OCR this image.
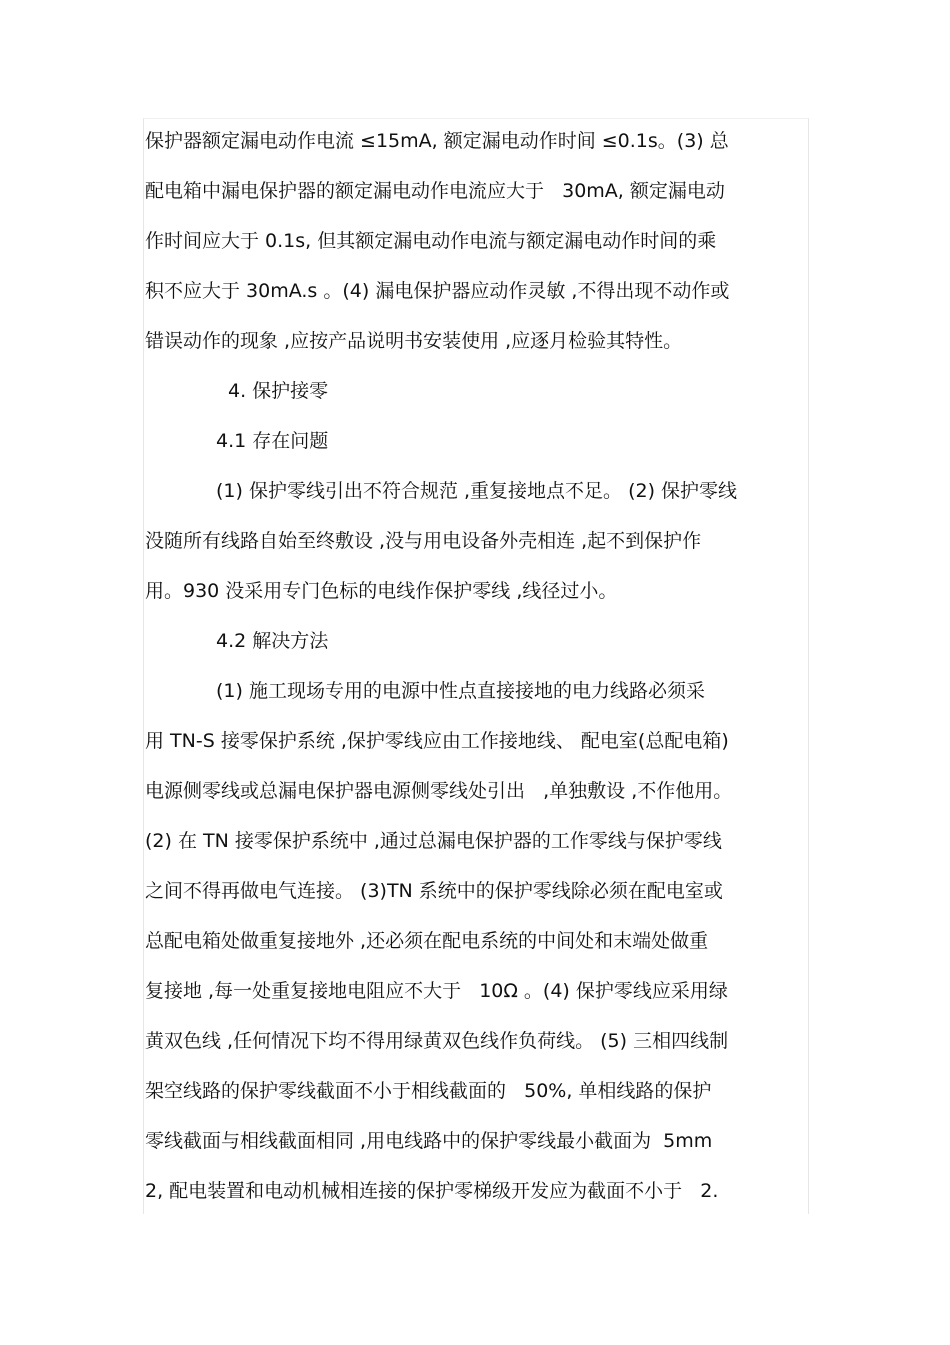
保护器额定漏电动作电流 ≤15mA, 额定漏电动作时间 ≤0.1s。(3) 总
配电箱中漏电保护器的额定漏电动作电流应大于   30mA, 额定漏电动
作时间应大于 0.1s, 但其额定漏电动作电流与额定漏电动作时间的乘
积不应大于 30mA.s 。(4) 漏电保护器应动作灵敏 ,不得出现不动作或
错误动作的现象 ,应按产品说明书安装使用 ,应逐月检验其特性。
4. 保护接零
4.1 存在问题
(1) 保护零线引出不符合规范 ,重复接地点不足。 (2) 保护零线
没随所有线路自始至终敷设 ,没与用电设备外壳相连 ,起不到保护作
用。930 没采用专门色标的电线作保护零线 ,线径过小。
4.2 解决方法
(1) 施工现场专用的电源中性点直接接地的电力线路必须采
用 TN-S 接零保护系统 ,保护零线应由工作接地线、 配电室(总配电箱)
电源侧零线或总漏电保护器电源侧零线处引出   ,单独敷设 ,不作他用。
(2) 在 TN 接零保护系统中 ,通过总漏电保护器的工作零线与保护零线
之间不得再做电气连接。 (3)TN 系统中的保护零线除必须在配电室或
总配电箱处做重复接地外 ,还必须在配电系统的中间处和末端处做重
复接地 ,每一处重复接地电阻应不大于   10Ω 。(4) 保护零线应采用绿
黄双色线 ,任何情况下均不得用绿黄双色线作负荷线。 (5) 三相四线制
架空线路的保护零线截面不小于相线截面的   50%, 单相线路的保护
零线截面与相线截面相同 ,用电线路中的保护零线最小截面为  5mm
2, 配电装置和电动机械相连接的保护零梯级开发应为截面不小于   2.
